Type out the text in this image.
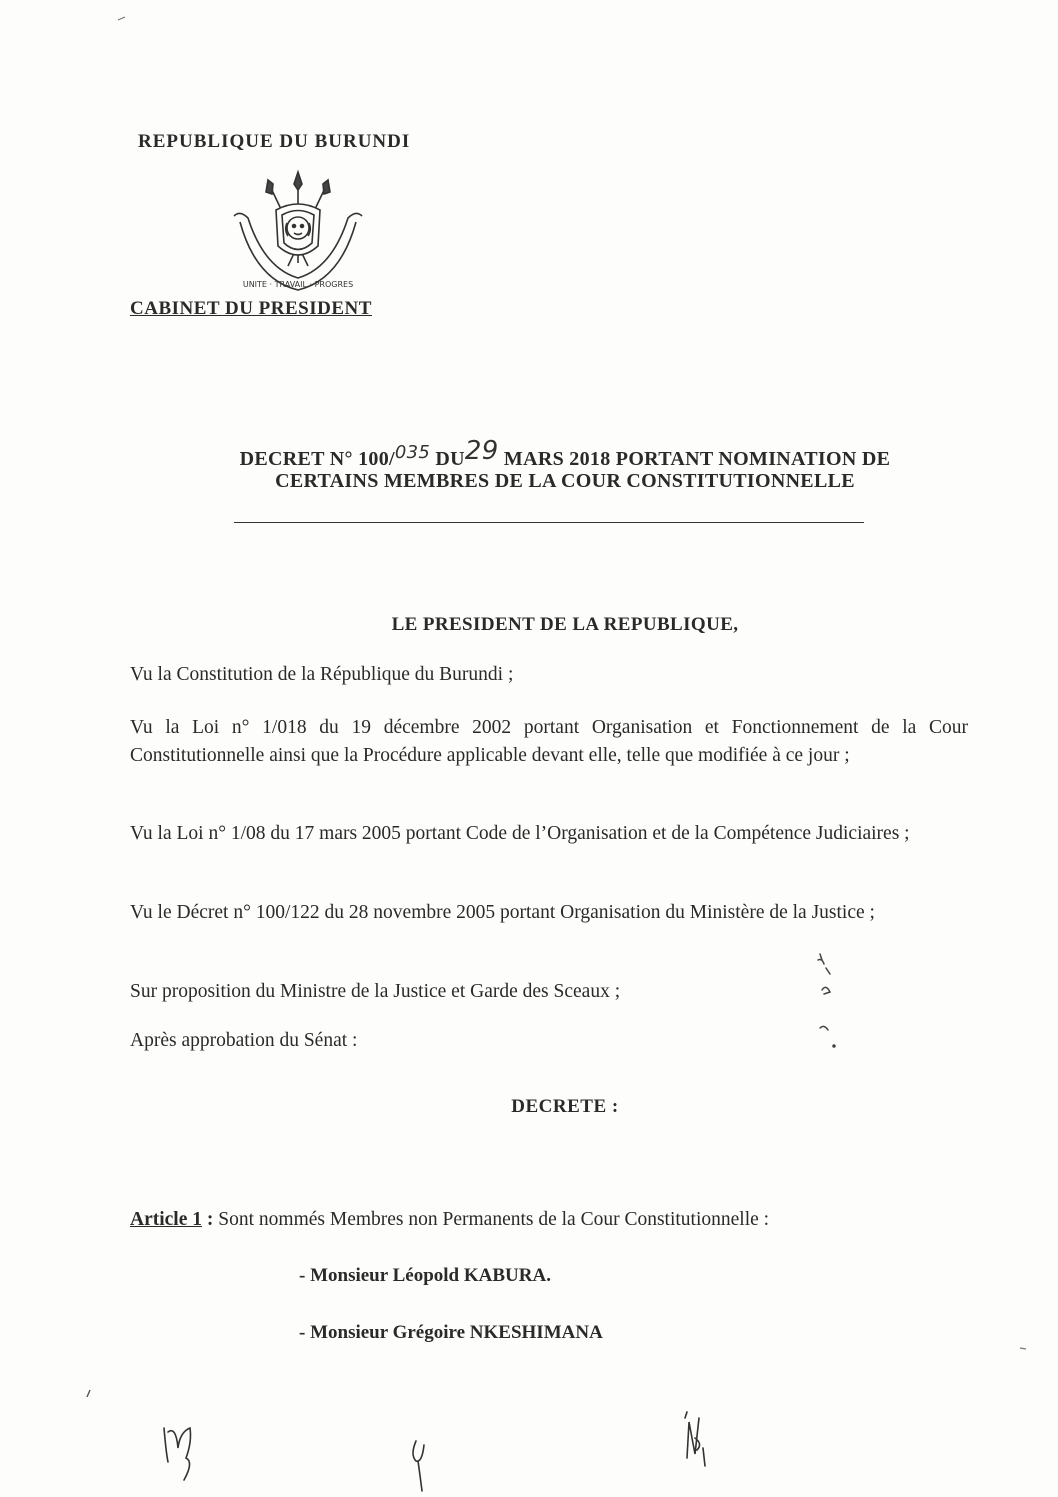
REPUBLIQUE DU BURUNDI
UNITE · TRAVAIL · PROGRES
CABINET DU PRESIDENT
DECRET N° 100/035 DU29 MARS 2018 PORTANT NOMINATION DE
CERTAINS MEMBRES DE LA COUR CONSTITUTIONNELLE
LE PRESIDENT DE LA REPUBLIQUE,
Vu la Constitution de la République du Burundi ;
Vu la Loi n° 1/018 du 19 décembre 2002 portant Organisation et Fonctionnement de la Cour Constitutionnelle ainsi que la Procédure applicable devant elle, telle que modifiée à ce jour ;
Vu la Loi n° 1/08 du 17 mars 2005 portant Code de l’Organisation et de la Compétence Judiciaires ;
Vu le Décret n° 100/122 du 28 novembre 2005 portant Organisation du Ministère de la Justice ;
Sur proposition du Ministre de la Justice et Garde des Sceaux ;
Après approbation du Sénat :
DECRETE :
Article 1 : Sont nommés Membres non Permanents de la Cour Constitutionnelle :
- Monsieur Léopold KABURA.
- Monsieur Grégoire NKESHIMANA
